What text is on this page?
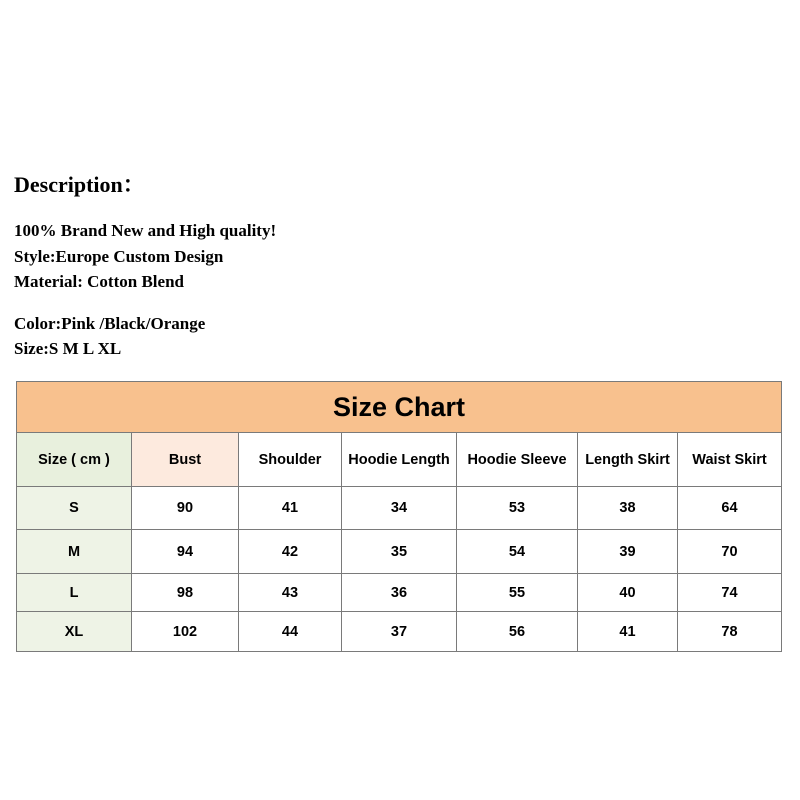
Description：
100% Brand New and High quality!
Style:Europe Custom Design
Material: Cotton Blend
Color:Pink /Black/Orange
Size:S M L XL
Size Chart						
Size ( cm )	Bust	Shoulder	Hoodie Length	Hoodie Sleeve	Length Skirt	Waist Skirt
S	90	41	34	53	38	64
M	94	42	35	54	39	70
L	98	43	36	55	40	74
XL	102	44	37	56	41	78
